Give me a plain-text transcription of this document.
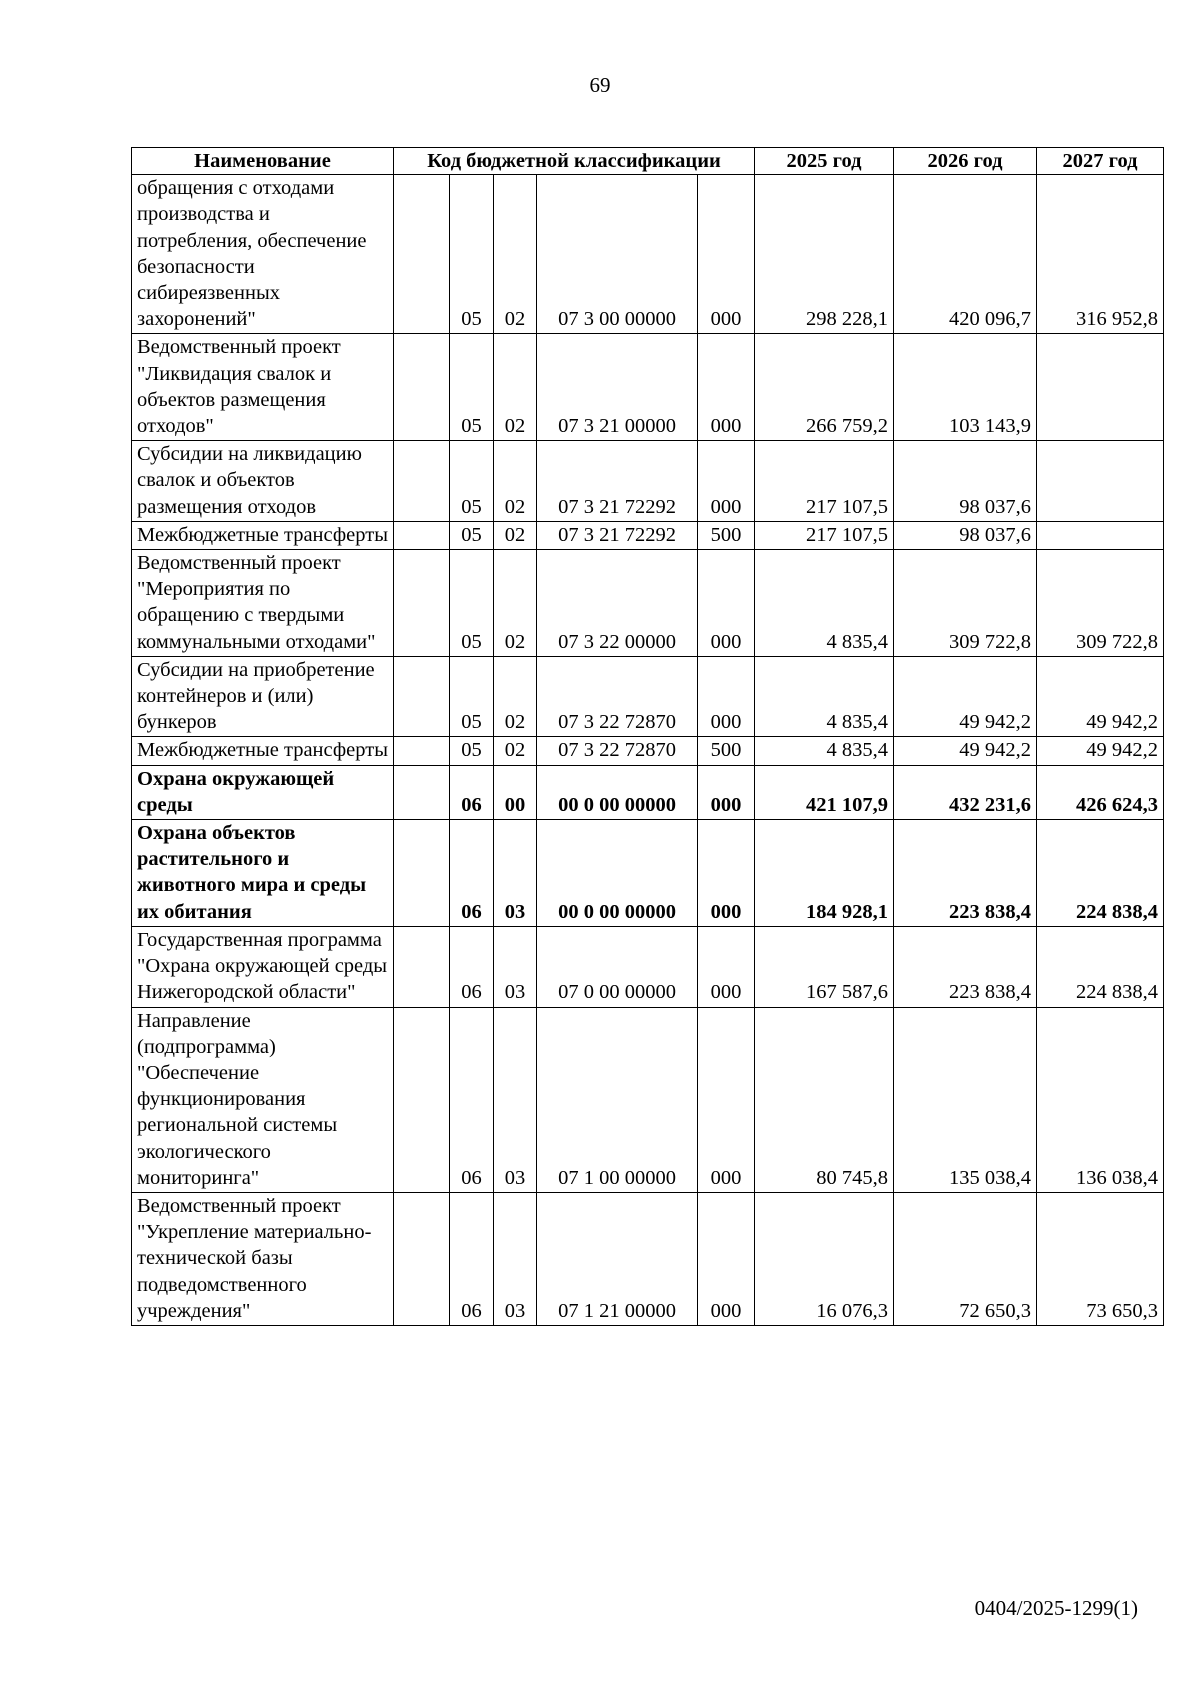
69
Наименование	Код бюджетной классификации					2025 год	2026 год	2027 год
обращения с отходами производства и потребления, обеспечение безопасности сибиреязвенных захоронений"		05	02	07 3 00 00000	000	298 228,1	420 096,7	316 952,8
Ведомственный проект "Ликвидация свалок и объектов размещения отходов"		05	02	07 3 21 00000	000	266 759,2	103 143,9	
Субсидии на ликвидацию свалок и объектов размещения отходов		05	02	07 3 21 72292	000	217 107,5	98 037,6	
Межбюджетные трансферты		05	02	07 3 21 72292	500	217 107,5	98 037,6	
Ведомственный проект "Мероприятия по обращению с твердыми коммунальными отходами"		05	02	07 3 22 00000	000	4 835,4	309 722,8	309 722,8
Субсидии на приобретение контейнеров и (или) бункеров		05	02	07 3 22 72870	000	4 835,4	49 942,2	49 942,2
Межбюджетные трансферты		05	02	07 3 22 72870	500	4 835,4	49 942,2	49 942,2
Охрана окружающей среды		06	00	00 0 00 00000	000	421 107,9	432 231,6	426 624,3
Охрана объектов растительного и животного мира и среды их обитания		06	03	00 0 00 00000	000	184 928,1	223 838,4	224 838,4
Государственная программа "Охрана окружающей среды Нижегородской области"		06	03	07 0 00 00000	000	167 587,6	223 838,4	224 838,4
Направление (подпрограмма) "Обеспечение функционирования региональной системы экологического мониторинга"		06	03	07 1 00 00000	000	80 745,8	135 038,4	136 038,4
Ведомственный проект "Укрепление материально-технической базы подведомственного учреждения"		06	03	07 1 21 00000	000	16 076,3	72 650,3	73 650,3
0404/2025-1299(1)
